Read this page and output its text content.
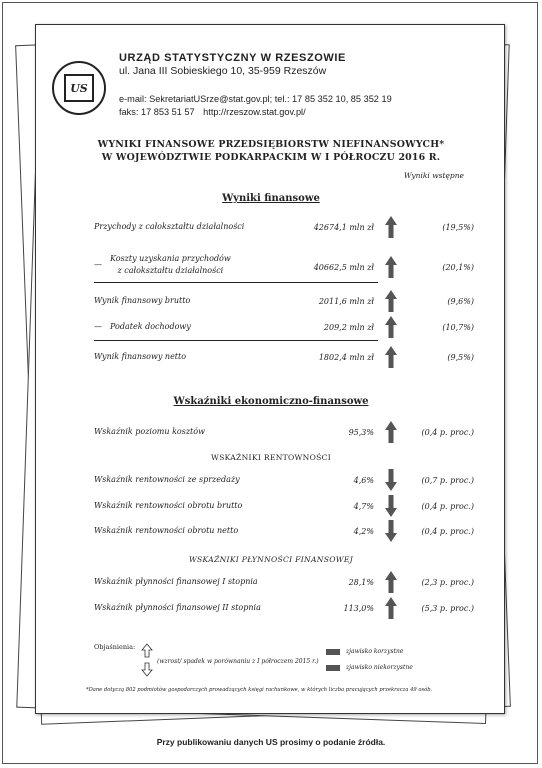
US
URZĄD STATYSTYCZNY W RZESZOWIE
ul. Jana III Sobieskiego 10, 35-959 Rzeszów
e-mail: SekretariatUSrze@stat.gov.pl; tel.: 17 85 352 10, 85 352 19
faks: 17 853 51 57 http://rzeszow.stat.gov.pl/
WYNIKI FINANSOWE PRZEDSIĘBIORSTW NIEFINANSOWYCH*
W WOJEWÓDZTWIE PODKARPACKIM W I PÓŁROCZU 2016 R.
Wyniki wstępne
Wyniki finansowe
Przychody z całokształtu działalności	42674,1 mln zł	(19,5%)
—
Koszty uzyskania przychodów
z całokształtu działalności	40662,5 mln zł	(20,1%)
Wynik finansowy brutto	2011,6 mln zł	(9,6%)
— Podatek dochodowy	209,2 mln zł	(10,7%)
Wynik finansowy netto	1802,4 mln zł	(9,5%)
Wskaźniki ekonomiczno-finansowe
Wskaźnik poziomu kosztów	95,3%	(0,4 p. proc.)
WSKAŹNIKI RENTOWNOŚCI
Wskaźnik rentowności ze sprzedaży	4,6%	(0,7 p. proc.)
Wskaźnik rentowności obrotu brutto	4,7%	(0,4 p. proc.)
Wskaźnik rentowności obrotu netto	4,2%	(0,4 p. proc.)
WSKAŹNIKI PŁYNNOŚCI FINANSOWEJ
Wskaźnik płynności finansowej I stopnia	28,1%	(2,3 p. proc.)
Wskaźnik płynności finansowej II stopnia	113,0%	(5,3 p. proc.)
Objaśnienia:
(wzrost/ spadek w porównaniu z I półroczem 2015 r.)
zjawisko korzystne
zjawisko niekorzystne
*Dane dotyczą 802 podmiotów gospodarczych prowadzących księgi rachunkowe, w których liczba pracujących przekracza 49 osób.
Przy publikowaniu danych US prosimy o podanie źródła.
